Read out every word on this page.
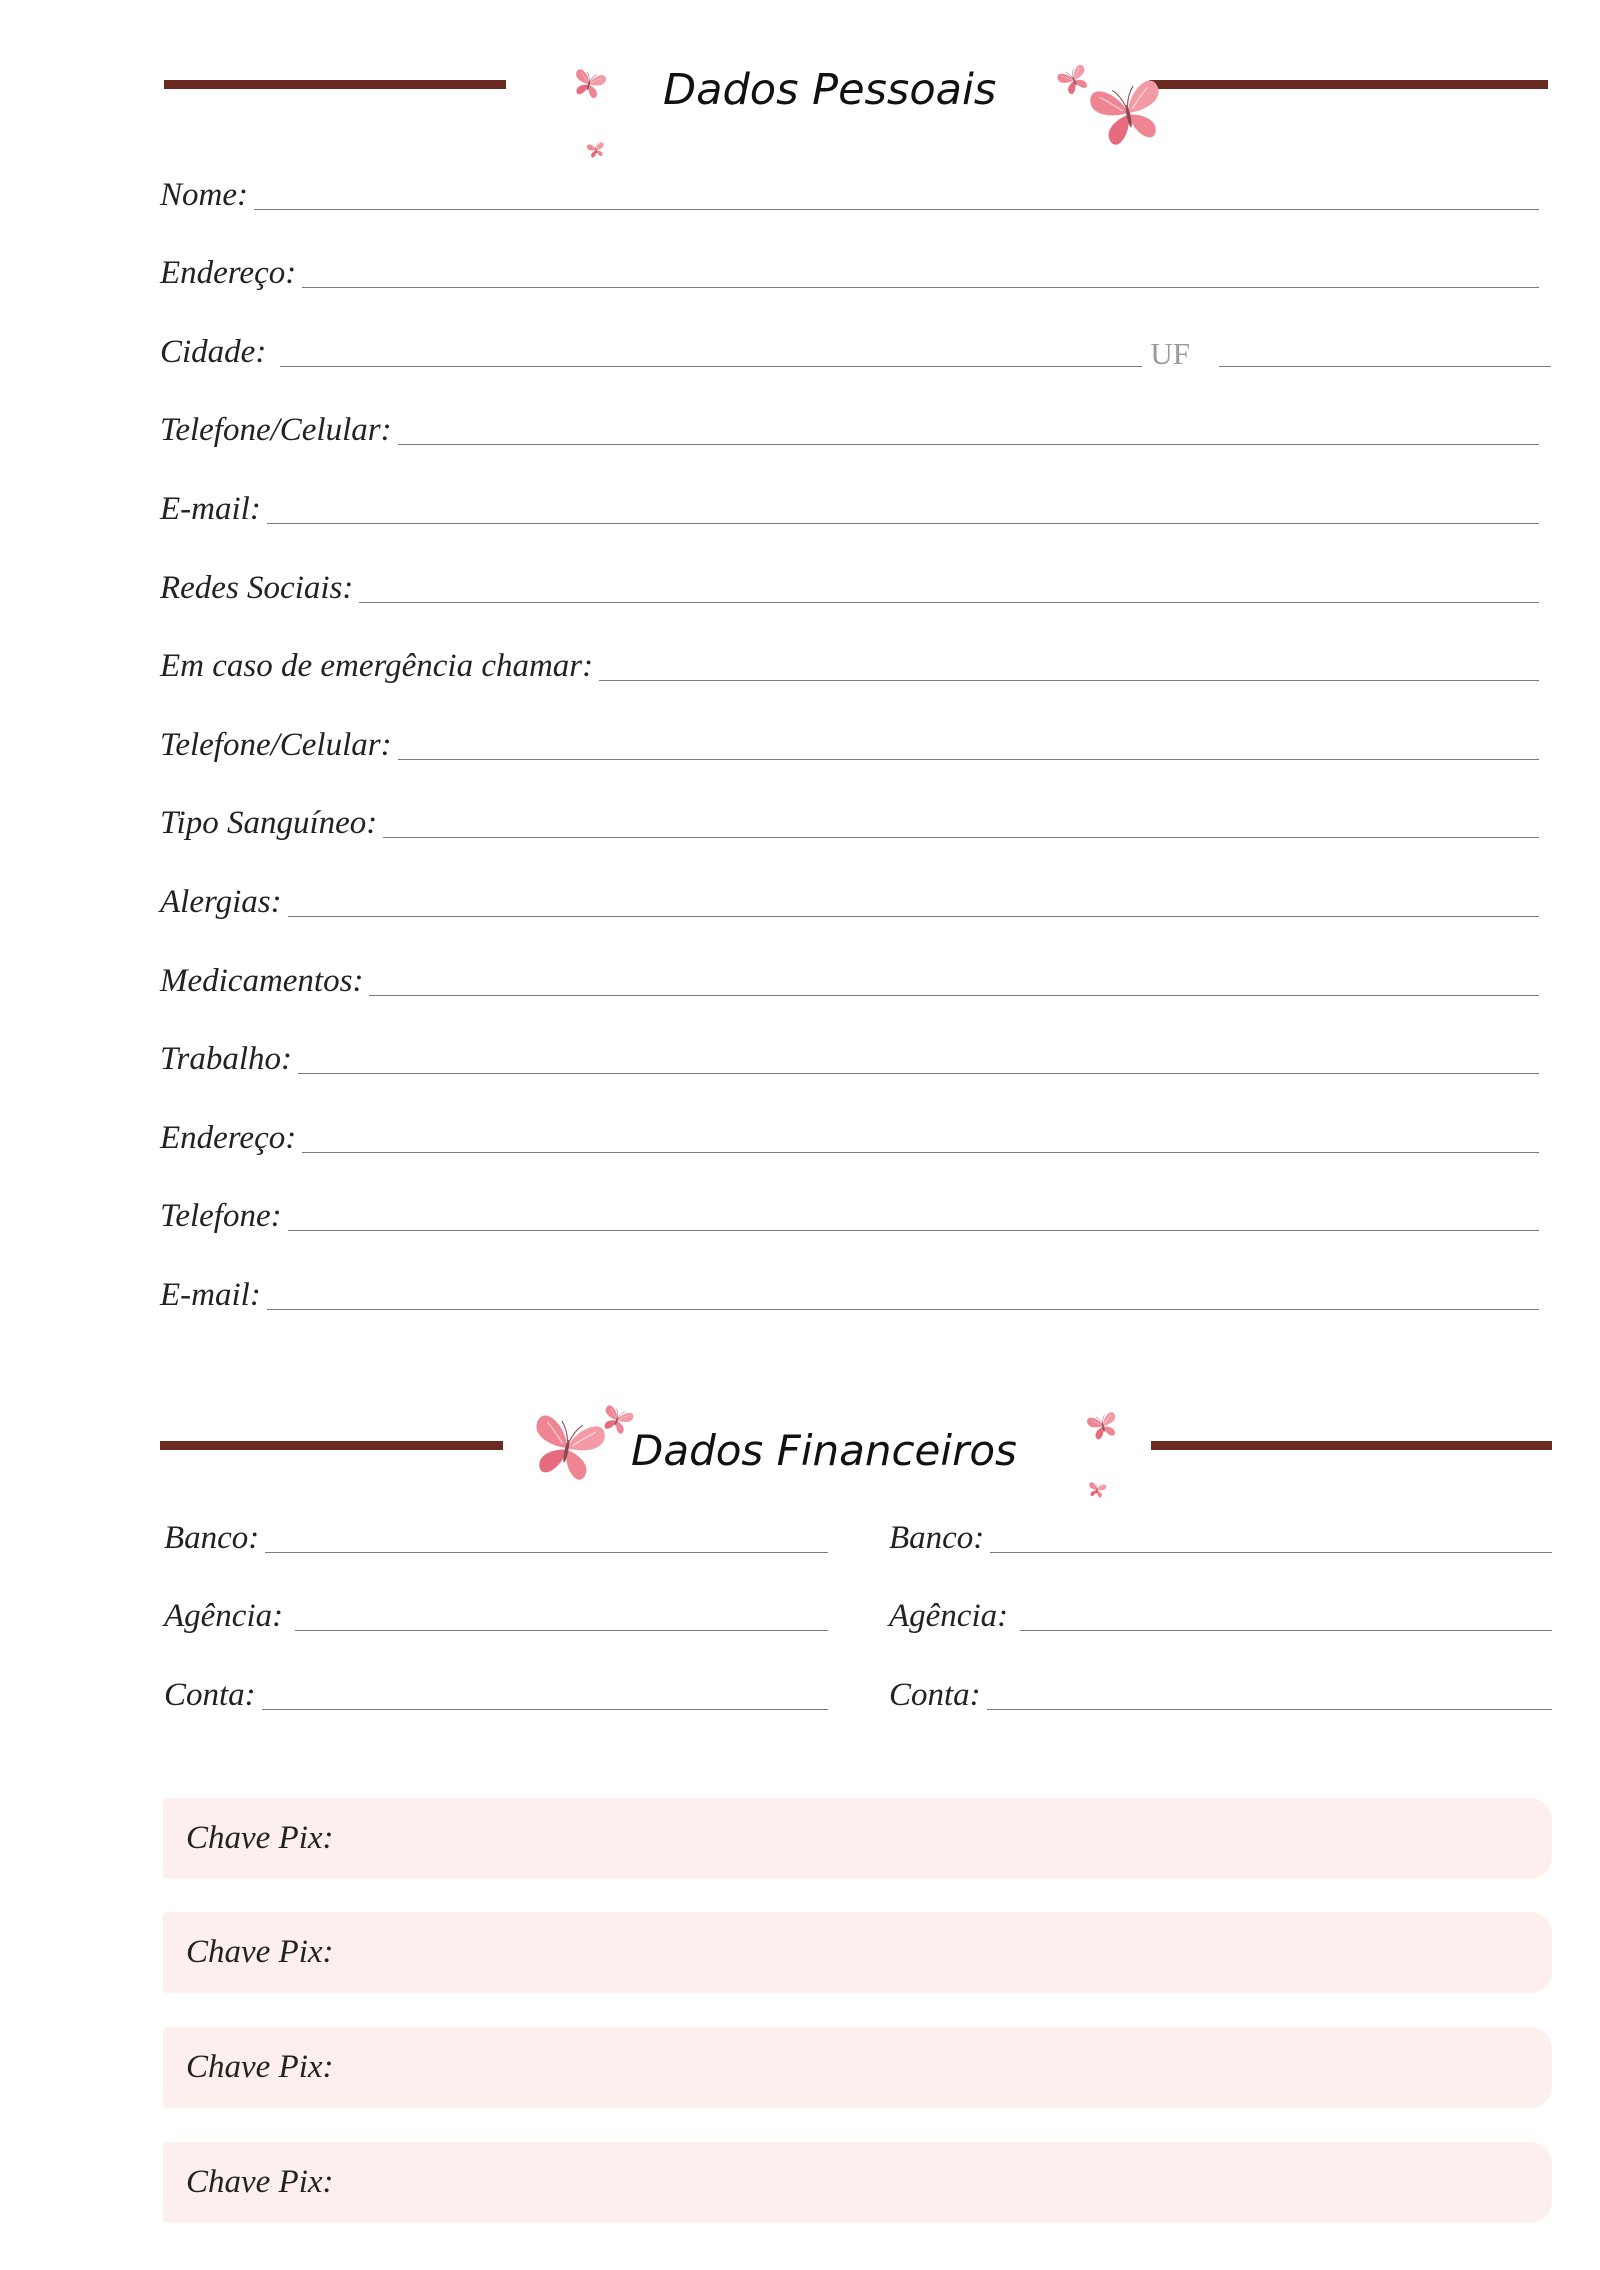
Dados Pessoais
Nome:
Endereço:
Cidade:	UF
Telefone/Celular:
E-mail:
Redes Sociais:
Em caso de emergência chamar:
Telefone/Celular:
Tipo Sanguíneo:
Alergias:
Medicamentos:
Trabalho:
Endereço:
Telefone:
E-mail:
Dados Financeiros
Banco:
Agência:
Conta:
Banco:
Agência:
Conta:
Chave Pix:
Chave Pix:
Chave Pix:
Chave Pix:
